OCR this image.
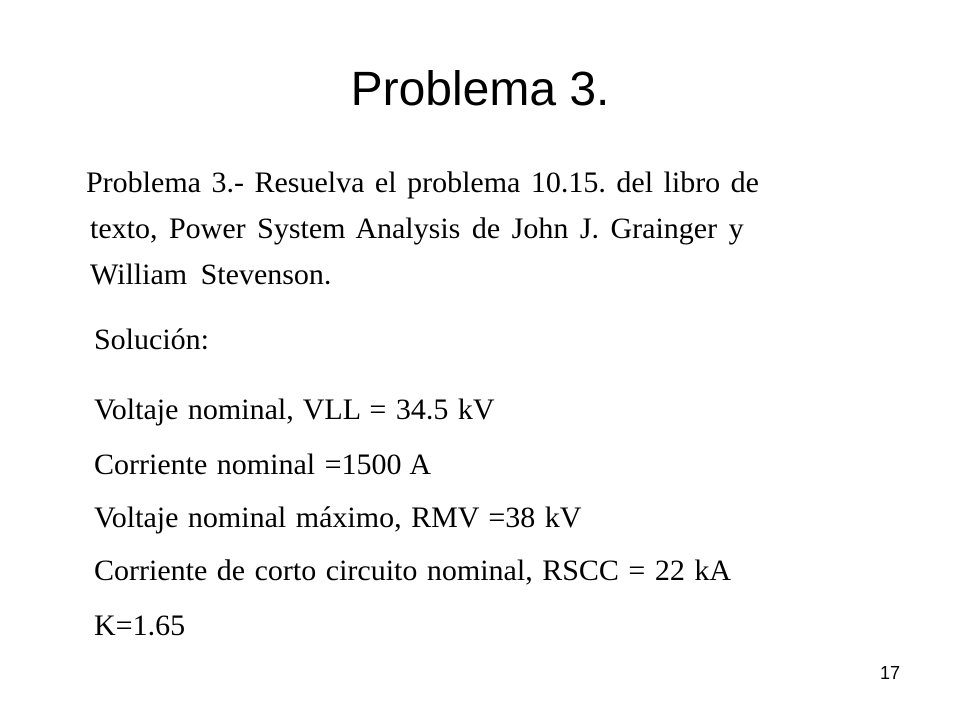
Problema 3.

Problema 3.- Resuelva el problema 10.15. del libro de
texto, Power System Analysis de John J. Grainger y
William Stevenson.

Solución:

Voltaje nominal, VLL = 34.5 kV

Corriente nominal =1500 A

Voltaje nominal máximo, RMV =38 kV

Corriente de corto circuito nominal, RSCC = 22 kA

K=1.65

17
